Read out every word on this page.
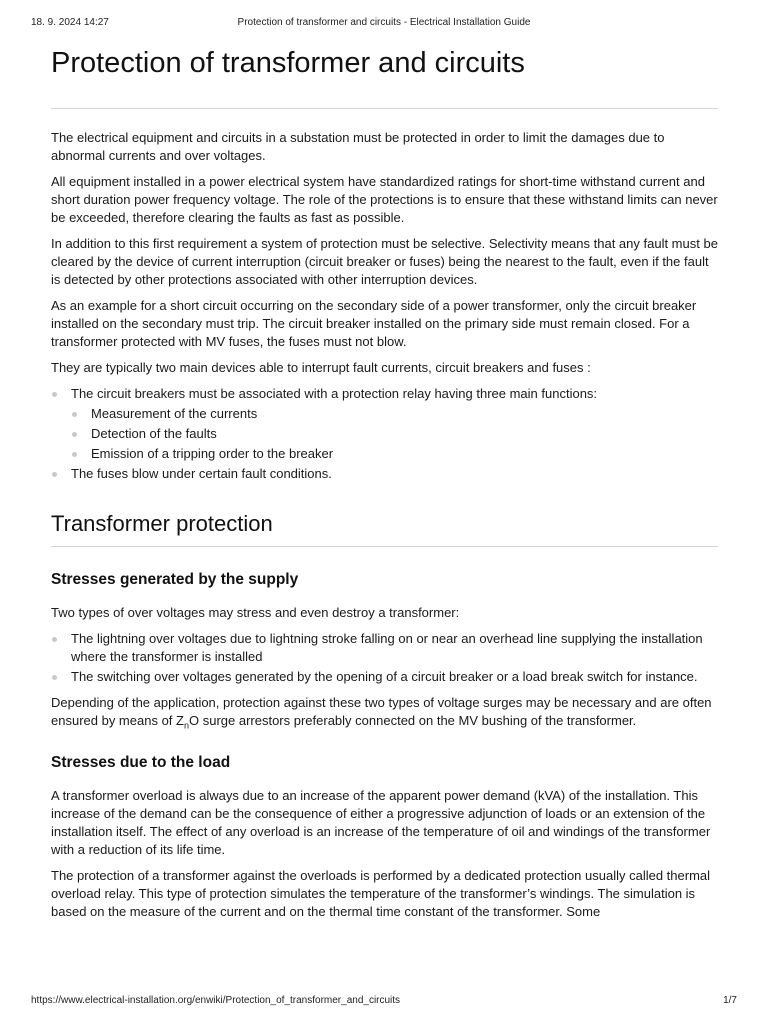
18. 9. 2024 14:27	Protection of transformer and circuits - Electrical Installation Guide
Protection of transformer and circuits

The electrical equipment and circuits in a substation must be protected in order to limit the damages due to abnormal currents and over voltages.

All equipment installed in a power electrical system have standardized ratings for short-time withstand current and short duration power frequency voltage. The role of the protections is to ensure that these withstand limits can never be exceeded, therefore clearing the faults as fast as possible.

In addition to this first requirement a system of protection must be selective. Selectivity means that any fault must be cleared by the device of current interruption (circuit breaker or fuses) being the nearest to the fault, even if the fault is detected by other protections associated with other interruption devices.

As an example for a short circuit occurring on the secondary side of a power transformer, only the circuit breaker installed on the secondary must trip. The circuit breaker installed on the primary side must remain closed. For a transformer protected with MV fuses, the fuses must not blow.

They are typically two main devices able to interrupt fault currents, circuit breakers and fuses :

The circuit breakers must be associated with a protection relay having three main functions:
Measurement of the currents
Detection of the faults
Emission of a tripping order to the breaker
The fuses blow under certain fault conditions.
Transformer protection
Stresses generated by the supply

Two types of over voltages may stress and even destroy a transformer:

The lightning over voltages due to lightning stroke falling on or near an overhead line supplying the installation where the transformer is installed
The switching over voltages generated by the opening of a circuit breaker or a load break switch for instance.

Depending of the application, protection against these two types of voltage surges may be necessary and are often ensured by means of $Z_nO$ surge arrestors preferably connected on the MV bushing of the transformer.

Stresses due to the load

A transformer overload is always due to an increase of the apparent power demand (kVA) of the installation. This increase of the demand can be the consequence of either a progressive adjunction of loads or an extension of the installation itself. The effect of any overload is an increase of the temperature of oil and windings of the transformer with a reduction of its life time.

The protection of a transformer against the overloads is performed by a dedicated protection usually called thermal overload relay. This type of protection simulates the temperature of the transformer’s windings. The simulation is based on the measure of the current and on the thermal time constant of the transformer. Some

https://www.electrical-installation.org/enwiki/Protection_of_transformer_and_circuits	1/7
